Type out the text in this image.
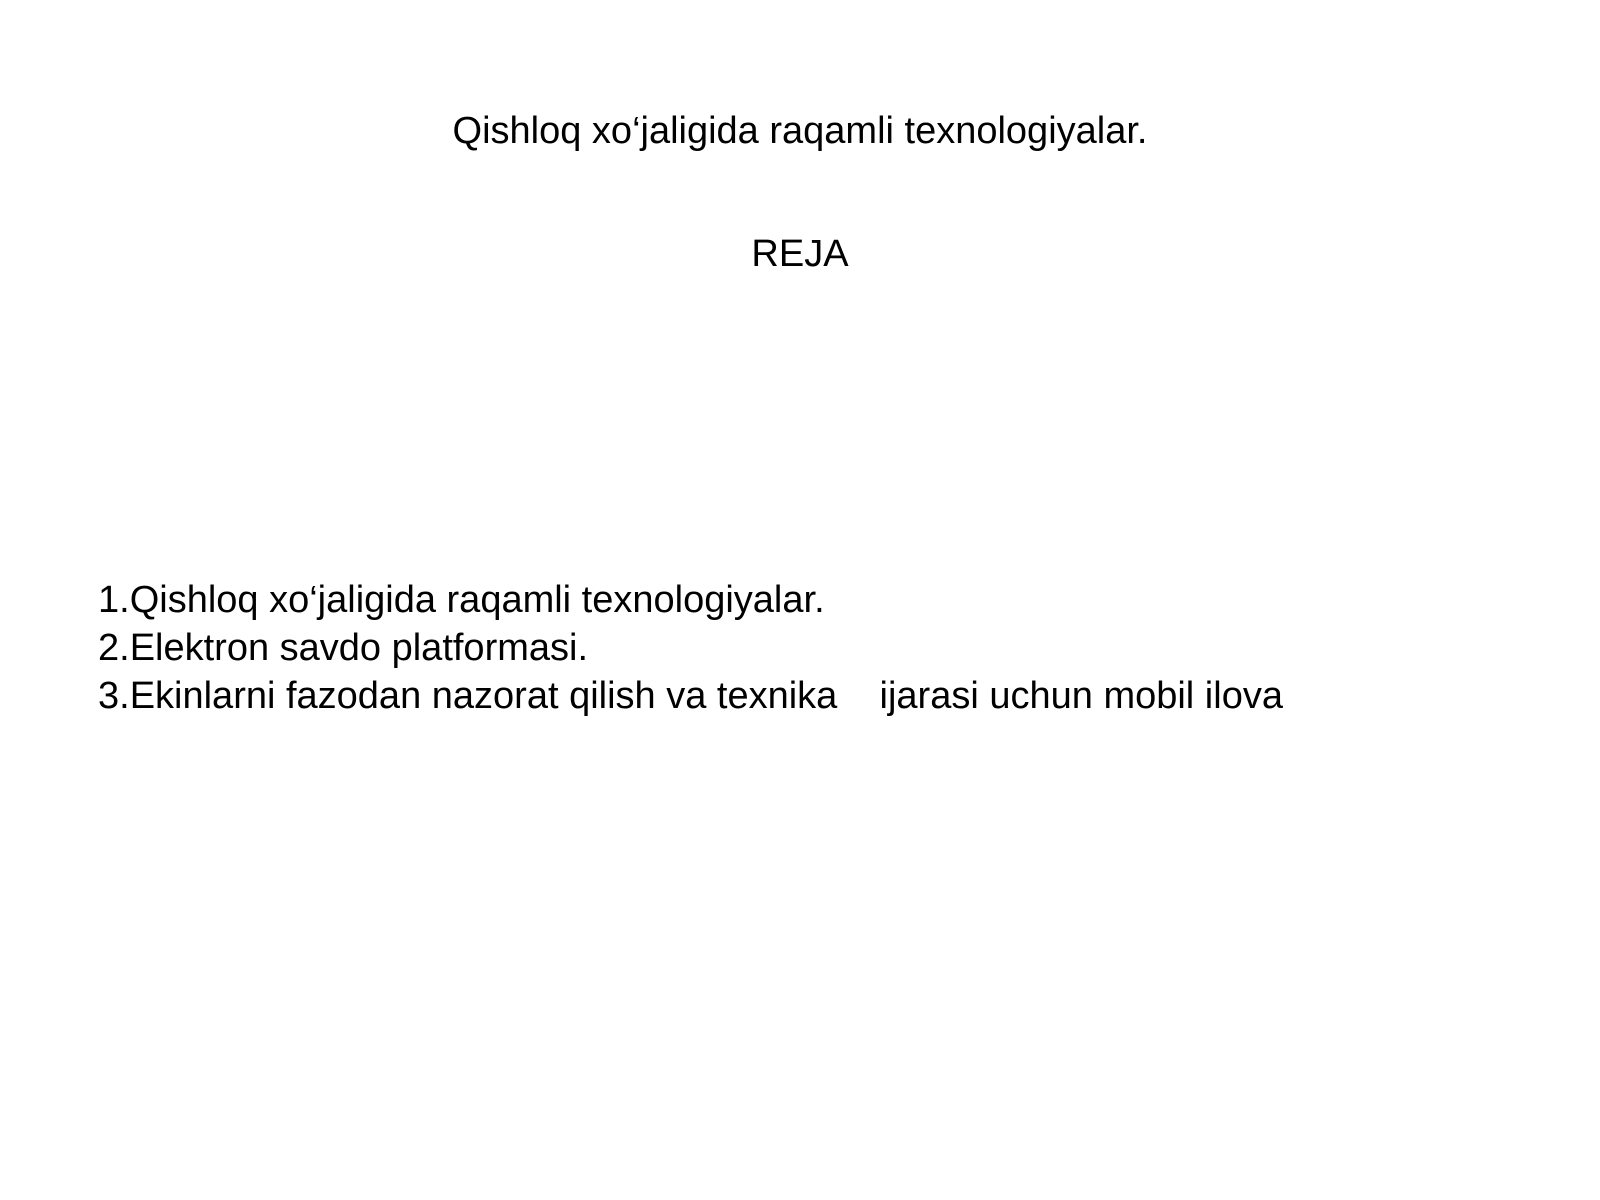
Qishloq xo‘jaligida raqamli texnologiyalar.
REJA
1.Qishloq xo‘jaligida raqamli texnologiyalar.
2.Elektron savdo platformasi.
3.Ekinlarni fazodan nazorat qilish va texnika    ijarasi uchun mobil ilova
